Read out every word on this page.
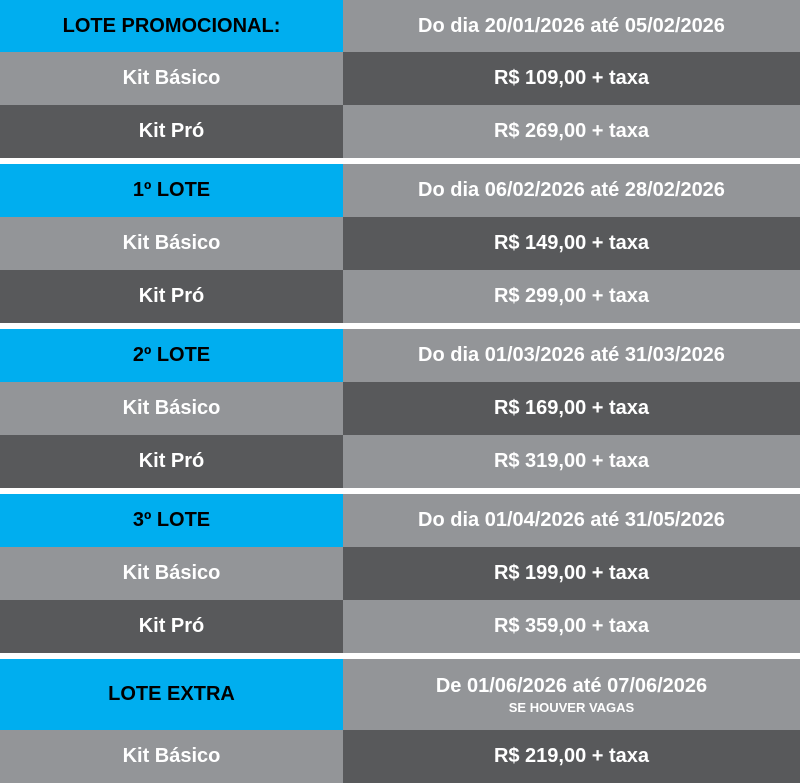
LOTE PROMOCIONAL:	Do dia 20/01/2026 até 05/02/2026
Kit Básico	R$ 109,00 + taxa
Kit Pró	R$ 269,00 + taxa
1º LOTE	Do dia 06/02/2026 até 28/02/2026
Kit Básico	R$ 149,00 + taxa
Kit Pró	R$ 299,00 + taxa
2º LOTE	Do dia 01/03/2026 até 31/03/2026
Kit Básico	R$ 169,00 + taxa
Kit Pró	R$ 319,00 + taxa
3º LOTE	Do dia 01/04/2026 até 31/05/2026
Kit Básico	R$ 199,00 + taxa
Kit Pró	R$ 359,00 + taxa
LOTE EXTRA	De 01/06/2026 até 07/06/2026
SE HOUVER VAGAS
Kit Básico	R$ 219,00 + taxa
